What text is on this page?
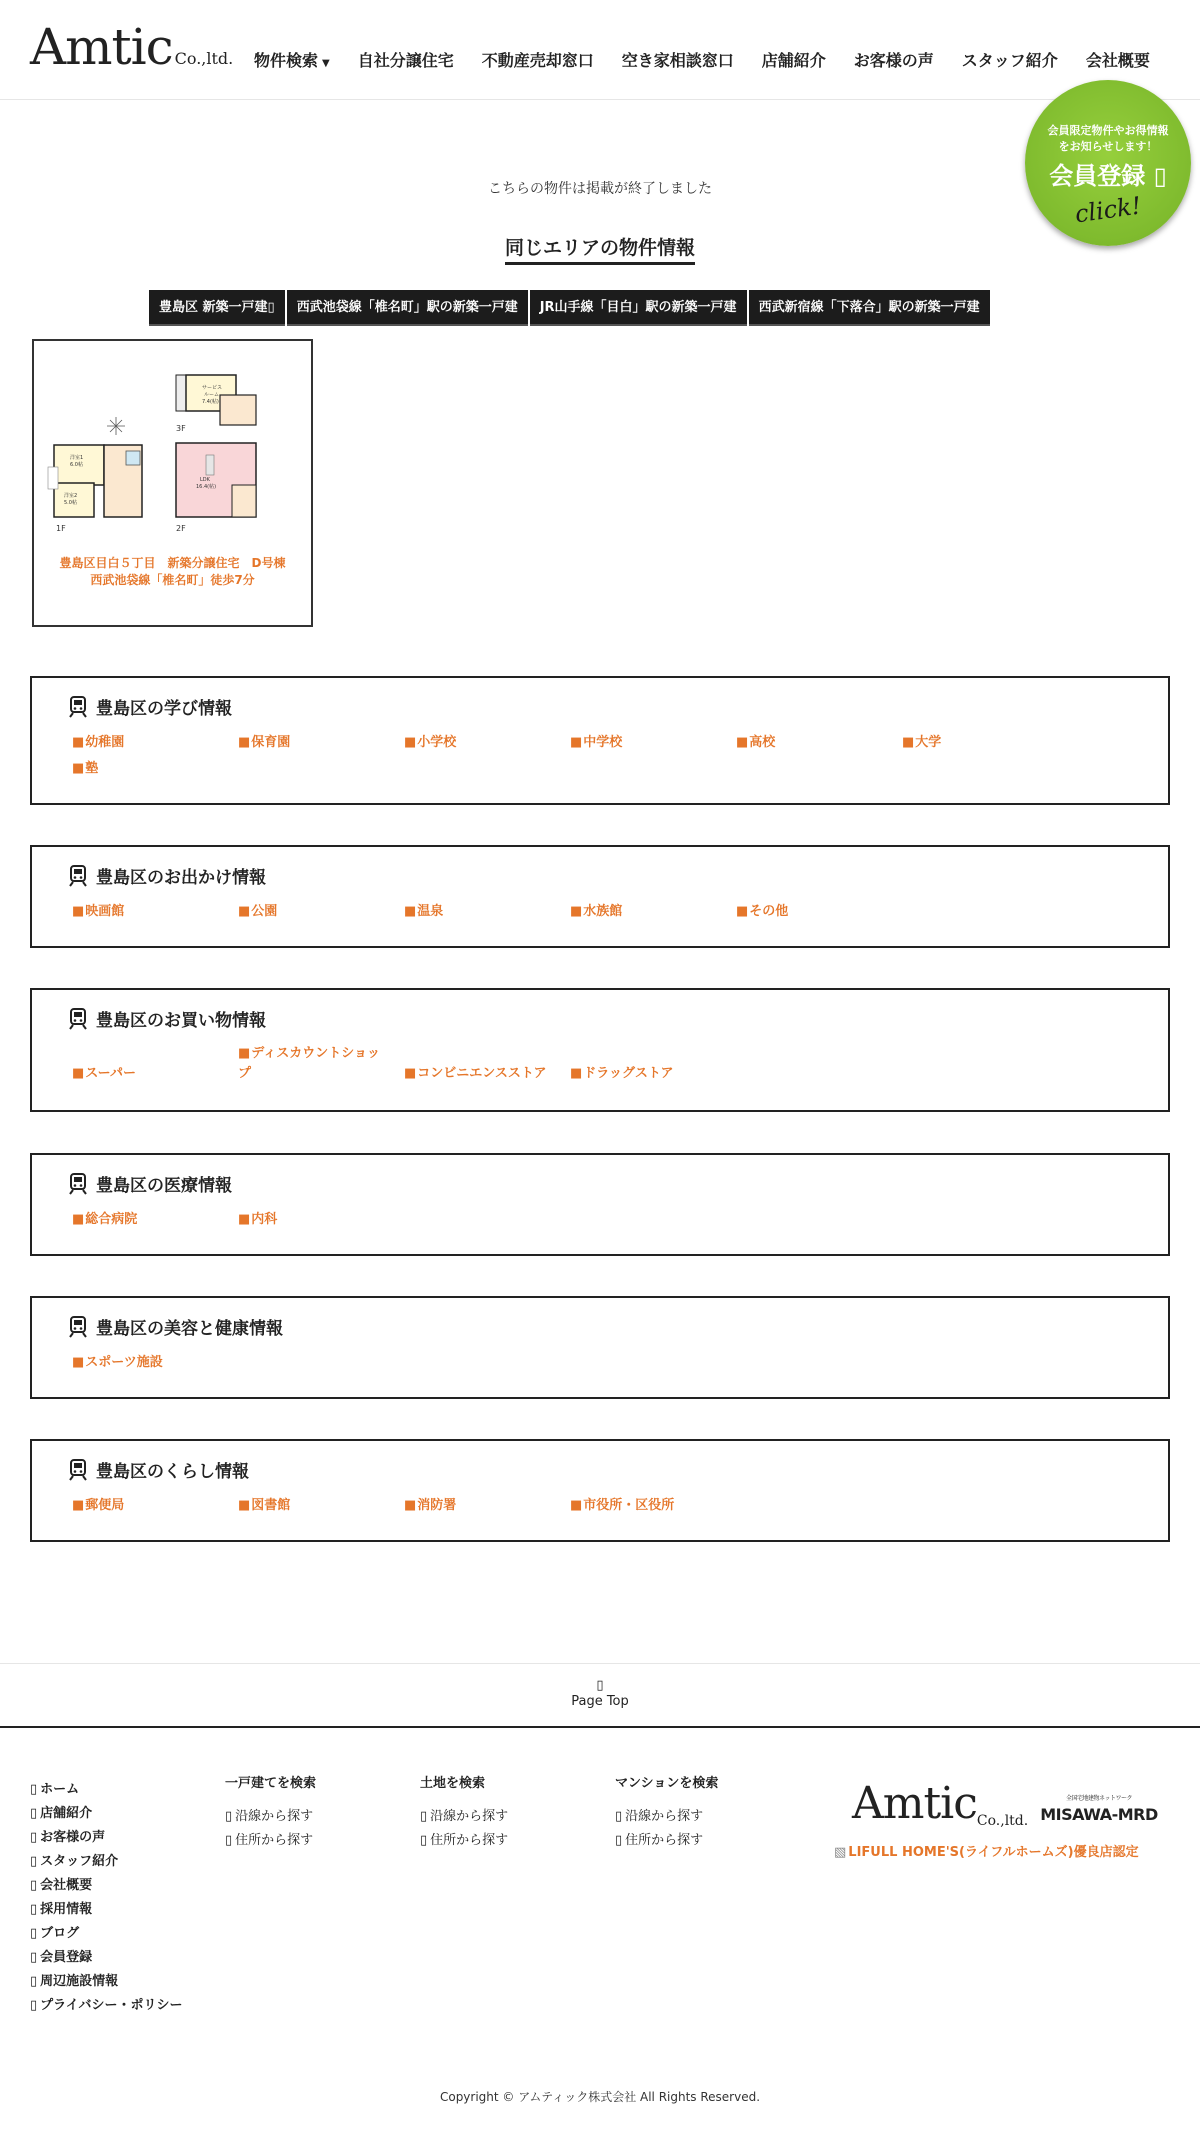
Amtic Co.,ltd. 物件検索 ▼	自社分譲住宅	不動産売却窓口	空き家相談窓口	店舗紹介	お客様の声	スタッフ紹介	会社概要
会員限定物件やお得情報
をお知らせします！
会員登録 ▯
click!

こちらの物件は掲載が終了しました

同じエリアの物件情報
豊島区 新築一戸建▯	西武池袋線「椎名町」駅の新築一戸建	JR山手線「目白」駅の新築一戸建	西武新宿線「下落合」駅の新築一戸建
洋室1
6.0帖
洋室2
5.0帖
1F
LDK
16.4(帖)
2F
サービス
ルーム
7.4(帖)
3F
豊島区目白５丁目　新築分譲住宅　D号棟
西武池袋線「椎名町」徒歩7分
豊島区の学び情報
■ 幼稚園	■ 保育園	■ 小学校	■ 中学校	■ 高校	■ 大学
■ 塾
豊島区のお出かけ情報
■ 映画館	■ 公園	■ 温泉	■ 水族館	■ その他
豊島区のお買い物情報
■ スーパー
■ ディスカウントショップ	■ コンビニエンスストア	■ ドラッグストア
豊島区の医療情報
■ 総合病院	■ 内科
豊島区の美容と健康情報
■ スポーツ施設
豊島区のくらし情報
■ 郵便局	■ 図書館	■ 消防署	■ 市役所・区役所
▯
Page Top
▯ ホーム
▯ 店舗紹介
▯ お客様の声
▯ スタッフ紹介
▯ 会社概要
▯ 採用情報
▯ ブログ
▯ 会員登録
▯ 周辺施設情報
▯ プライバシー・ポリシー
一戸建てを検索
▯ 沿線から探す
▯ 住所から探す
土地を検索
▯ 沿線から探す
▯ 住所から探す
マンションを検索
▯ 沿線から探す
▯ 住所から探す
Amtic Co.,ltd.
全国宅地建物ネットワーク
MISAWA-MRD
▧ LIFULL HOME'S(ライフルホームズ)優良店認定

Copyright © アムティック株式会社 All Rights Reserved.
